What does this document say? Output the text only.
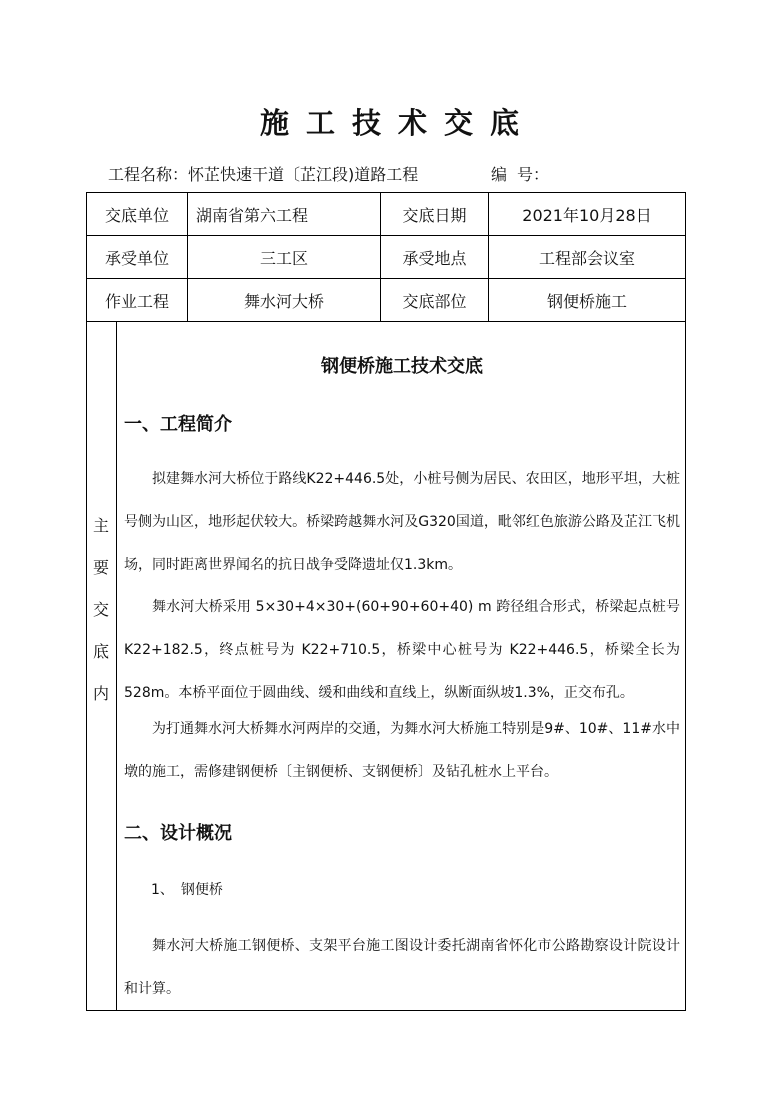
施工技术交底
工程名称：怀芷快速干道〔芷江段)道路工程	编 号：
交底单位	湖南省第六工程	交底日期	2021年10月28日
承受单位	三工区	承受地点	工程部会议室
作业工程	舞水河大桥	交底部位	钢便桥施工
主
要
交
底
内
钢便桥施工技术交底
一、工程简介
拟建舞水河大桥位于路线K22+446.5处，小桩号侧为居民、农田区，地形平坦，大桩号侧为山区，地形起伏较大。桥梁跨越舞水河及G320国道，毗邻红色旅游公路及芷江飞机场，同时距离世界闻名的抗日战争受降遗址仅1.3km。
舞水河大桥采用 5×30+4×30+(60+90+60+40) m 跨径组合形式，桥梁起点桩号K22+182.5，终点桩号为 K22+710.5，桥梁中心桩号为 K22+446.5，桥梁全长为 528m。本桥平面位于圆曲线、缓和曲线和直线上，纵断面纵坡1.3%，正交布孔。
为打通舞水河大桥舞水河两岸的交通，为舞水河大桥施工特别是9#、10#、11#水中墩的施工，需修建钢便桥〔主钢便桥、支钢便桥〕及钻孔桩水上平台。
二、设计概况
1、　钢便桥
舞水河大桥施工钢便桥、支架平台施工图设计委托湖南省怀化市公路勘察设计院设计和计算。
